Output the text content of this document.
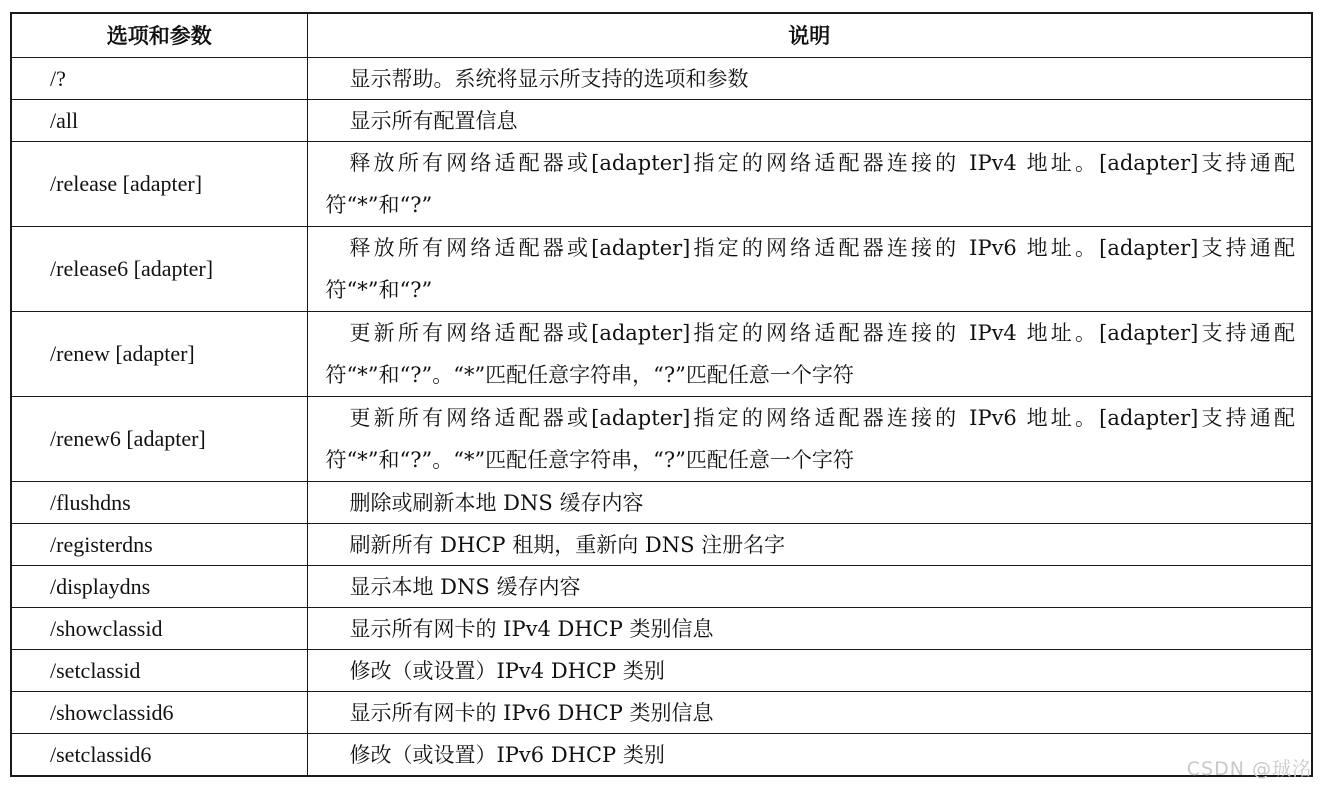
选项和参数	说明
/?	显示帮助。系统将显示所支持的选项和参数
/all	显示所有配置信息
/release [adapter]	释放所有网络适配器或[adapter]指定的网络适配器连接的 IPv4 地址。[adapter]支持通配符“*”和“?”
/release6 [adapter]	释放所有网络适配器或[adapter]指定的网络适配器连接的 IPv6 地址。[adapter]支持通配符“*”和“?”
/renew [adapter]	更新所有网络适配器或[adapter]指定的网络适配器连接的 IPv4 地址。[adapter]支持通配符“*”和“?”。“*”匹配任意字符串，“?”匹配任意一个字符
/renew6 [adapter]	更新所有网络适配器或[adapter]指定的网络适配器连接的 IPv6 地址。[adapter]支持通配符“*”和“?”。“*”匹配任意字符串，“?”匹配任意一个字符
/flushdns	删除或刷新本地 DNS 缓存内容
/registerdns	刷新所有 DHCP 租期，重新向 DNS 注册名字
/displaydns	显示本地 DNS 缓存内容
/showclassid	显示所有网卡的 IPv4 DHCP 类别信息
/setclassid	修改（或设置）IPv4 DHCP 类别
/showclassid6	显示所有网卡的 IPv6 DHCP 类别信息
/setclassid6	修改（或设置）IPv6 DHCP 类别
CSDN @珹洺
